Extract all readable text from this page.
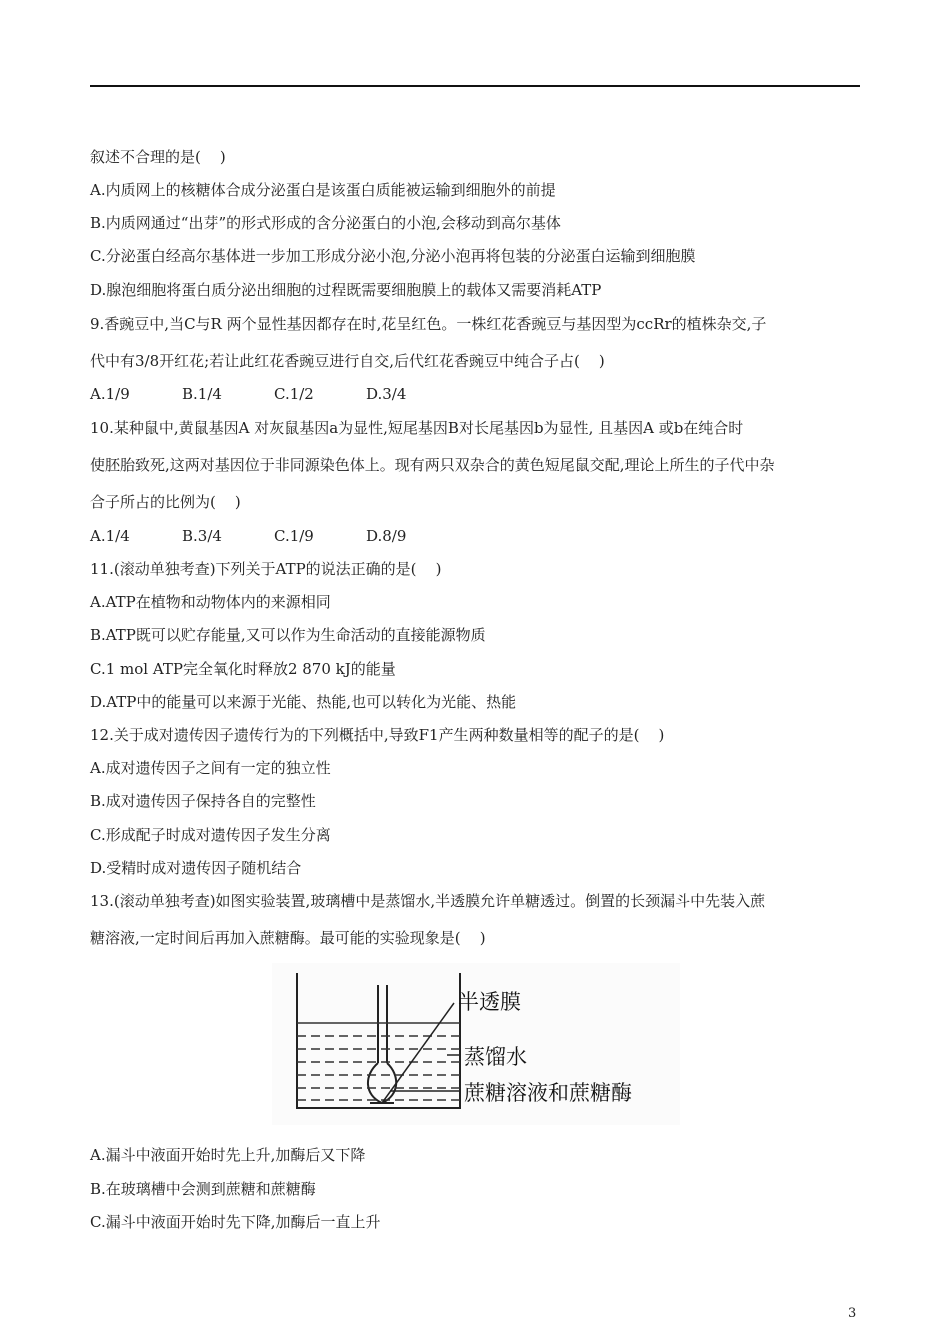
叙述不合理的是(    )
A.内质网上的核糖体合成分泌蛋白是该蛋白质能被运输到细胞外的前提
B.内质网通过“出芽”的形式形成的含分泌蛋白的小泡,会移动到高尔基体
C.分泌蛋白经高尔基体进一步加工形成分泌小泡,分泌小泡再将包装的分泌蛋白运输到细胞膜
D.腺泡细胞将蛋白质分泌出细胞的过程既需要细胞膜上的载体又需要消耗ATP
9.香豌豆中,当C与R 两个显性基因都存在时,花呈红色。一株红花香豌豆与基因型为ccRr的植株杂交,子
代中有3/8开红花;若让此红花香豌豆进行自交,后代红花香豌豆中纯合子占(    )
A.1/9	B.1/4	C.1/2	D.3/4
10.某种鼠中,黄鼠基因A 对灰鼠基因a为显性,短尾基因B对长尾基因b为显性, 且基因A 或b在纯合时
使胚胎致死,这两对基因位于非同源染色体上。现有两只双杂合的黄色短尾鼠交配,理论上所生的子代中杂
合子所占的比例为(    )
A.1/4	B.3/4	C.1/9	D.8/9
11.(滚动单独考查)下列关于ATP的说法正确的是(    )
A.ATP在植物和动物体内的来源相同
B.ATP既可以贮存能量,又可以作为生命活动的直接能源物质
C.1 mol ATP完全氧化时释放2 870 kJ的能量
D.ATP中的能量可以来源于光能、热能,也可以转化为光能、热能
12.关于成对遗传因子遗传行为的下列概括中,导致F1产生两种数量相等的配子的是(    )
A.成对遗传因子之间有一定的独立性
B.成对遗传因子保持各自的完整性
C.形成配子时成对遗传因子发生分离
D.受精时成对遗传因子随机结合
13.(滚动单独考查)如图实验装置,玻璃槽中是蒸馏水,半透膜允许单糖透过。倒置的长颈漏斗中先装入蔗
糖溶液,一定时间后再加入蔗糖酶。最可能的实验现象是(    )
半透膜
蒸馏水
蔗糖溶液和蔗糖酶
A.漏斗中液面开始时先上升,加酶后又下降
B.在玻璃槽中会测到蔗糖和蔗糖酶
C.漏斗中液面开始时先下降,加酶后一直上升
3
